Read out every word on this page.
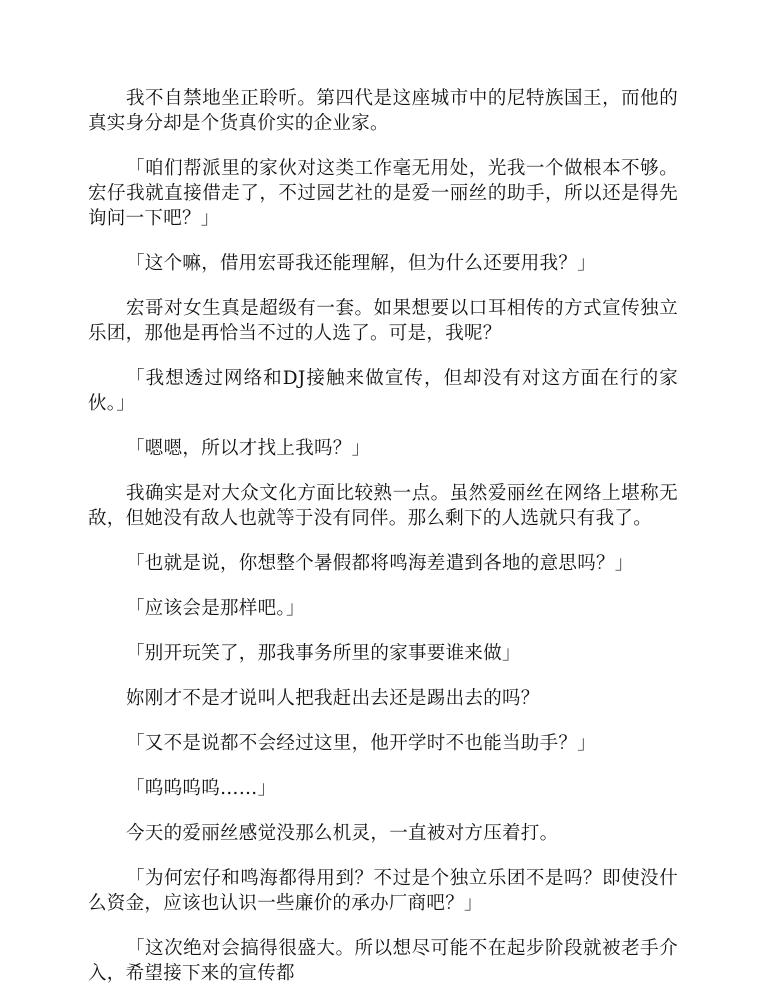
我不自禁地坐正聆听。第四代是这座城市中的尼特族国王，而他的真实身分却是个货真价实的企业家。

「咱们帮派里的家伙对这类工作毫无用处，光我一个做根本不够。宏仔我就直接借走了，不过园艺社的是爱一丽丝的助手，所以还是得先询问一下吧？」

「这个嘛，借用宏哥我还能理解，但为什么还要用我？」

宏哥对女生真是超级有一套。如果想要以口耳相传的方式宣传独立乐团，那他是再恰当不过的人选了。可是，我呢？

「我想透过网络和DJ接触来做宣传，但却没有对这方面在行的家伙。」

「嗯嗯，所以才找上我吗？」

我确实是对大众文化方面比较熟一点。虽然爱丽丝在网络上堪称无敌，但她没有敌人也就等于没有同伴。那么剩下的人选就只有我了。

「也就是说，你想整个暑假都将鸣海差遣到各地的意思吗？」

「应该会是那样吧。」

「别开玩笑了，那我事务所里的家事要谁来做」

妳刚才不是才说叫人把我赶出去还是踢出去的吗？

「又不是说都不会经过这里，他开学时不也能当助手？」

「呜呜呜呜……」

今天的爱丽丝感觉没那么机灵，一直被对方压着打。

「为何宏仔和鸣海都得用到？不过是个独立乐团不是吗？即使没什么资金，应该也认识一些廉价的承办厂商吧？」

「这次绝对会搞得很盛大。所以想尽可能不在起步阶段就被老手介入，希望接下来的宣传都
